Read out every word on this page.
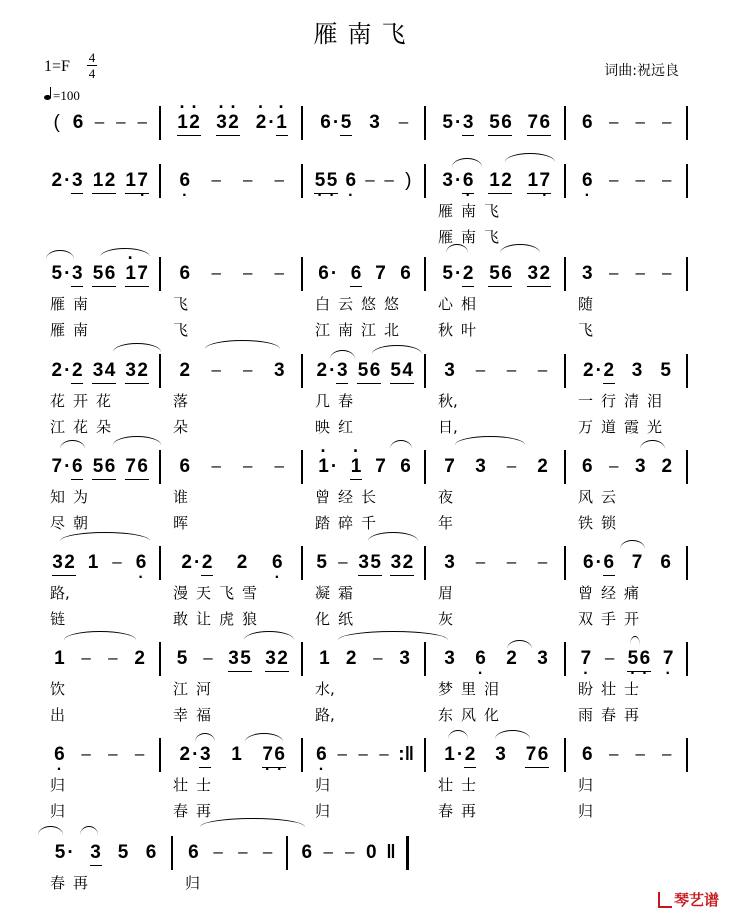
雁南飞
1=F
4
4
=100
词曲:祝远良
( 6 – – – · 1 · 2 · 3 · 2 · 2 · · 1 6 · 5 3 – 5 · 3 5 6 7 6 6 – – –
2 · 3 1 2 1 7 · 6 · – – – 5 · 5 · 6 · – – ) 3 · 6 · 1 2 1 7 ·
雁 南 飞
雁 南 飞
6 · – – –
5 · 3 5 6 · 1 7
雁 南
雁 南
6 – – –
飞
飞
6 · 6 7 6
白 云 悠 悠
江 南 江 北
5 · 2 5 6 3 2
心 相
秋 叶
3 – – –
随
飞
2 · 2 3 4 3 2
花 开 花
江 花 朵
2 – – 3
落
朵
2 · 3 5 6 5 4
几 春
映 红
3 – – –
秋,
日,
2 · 2 3 5
一 行 清 泪
万 道 霞 光
7 · 6 5 6 7 6
知 为
尽 朝
6 – – –
谁
晖
· 1 · · 1 7 6
曾 经 长
踏 碎 千
7 3 – 2
夜
年
6 – 3 2
风 云
铁 锁
3 2 1 – 6 ·
路,
链
2 · 2 2 6 ·
漫 天 飞 雪
敢 让 虎 狼
5 – 3 5 3 2
凝 霜
化 纸
3 – – –
眉
灰
6 · 6 7 6
曾 经 痛
双 手 开
1 – – 2
饮
出
5 – 3 5 3 2
江 河
幸 福
1 2 – 3
水,
路,
3 6 · 2 3
梦 里 泪
东 风 化
7 · – 5 · 6 · 7 ·
盼 壮 士
雨 春 再
6 · – – –
归
归
2 · 3 1 7 · 6 ·
壮 士
春 再
6 · – – – :‖
归
归
1 · 2 3 7 6
壮 士
春 再
6 – – –
归
归
5 · 3 5 6
春 再
6 – – –
归
6 – – 0 ‖
琴艺谱
